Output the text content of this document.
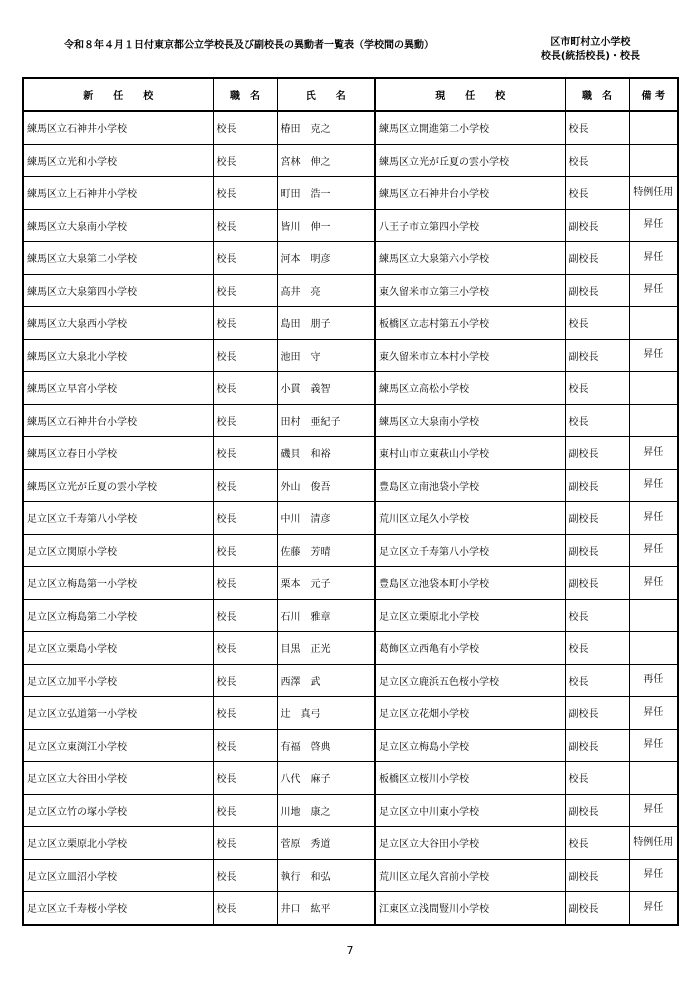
令和８年４月１日付東京都公立学校長及び副校長の異動者一覧表（学校間の異動）	区市町村立小学校
校長(統括校長)・校長
新　　任　　校	職　名	氏　　名	現　　任　　校	職　名	備 考
練馬区立石神井小学校	校長	椿田　克之	練馬区立開進第二小学校	校長	
練馬区立光和小学校	校長	宮林　伸之	練馬区立光が丘夏の雲小学校	校長	
練馬区立上石神井小学校	校長	町田　浩一	練馬区立石神井台小学校	校長	特例任用
練馬区立大泉南小学校	校長	皆川　伸一	八王子市立第四小学校	副校長	昇任
練馬区立大泉第二小学校	校長	河本　明彦	練馬区立大泉第六小学校	副校長	昇任
練馬区立大泉第四小学校	校長	高井　亮	東久留米市立第三小学校	副校長	昇任
練馬区立大泉西小学校	校長	島田　朋子	板橋区立志村第五小学校	校長	
練馬区立大泉北小学校	校長	池田　守	東久留米市立本村小学校	副校長	昇任
練馬区立早宮小学校	校長	小貫　義智	練馬区立高松小学校	校長	
練馬区立石神井台小学校	校長	田村　亜紀子	練馬区立大泉南小学校	校長	
練馬区立春日小学校	校長	磯貝　和裕	東村山市立東萩山小学校	副校長	昇任
練馬区立光が丘夏の雲小学校	校長	外山　俊吾	豊島区立南池袋小学校	副校長	昇任
足立区立千寿第八小学校	校長	中川　清彦	荒川区立尾久小学校	副校長	昇任
足立区立関原小学校	校長	佐藤　芳晴	足立区立千寿第八小学校	副校長	昇任
足立区立梅島第一小学校	校長	栗本　元子	豊島区立池袋本町小学校	副校長	昇任
足立区立梅島第二小学校	校長	石川　雅章	足立区立栗原北小学校	校長	
足立区立栗島小学校	校長	目黒　正光	葛飾区立西亀有小学校	校長	
足立区立加平小学校	校長	西澤　武	足立区立鹿浜五色桜小学校	校長	再任
足立区立弘道第一小学校	校長	辻　真弓	足立区立花畑小学校	副校長	昇任
足立区立東渕江小学校	校長	有福　啓典	足立区立梅島小学校	副校長	昇任
足立区立大谷田小学校	校長	八代　麻子	板橋区立桜川小学校	校長	
足立区立竹の塚小学校	校長	川地　康之	足立区立中川東小学校	副校長	昇任
足立区立栗原北小学校	校長	菅原　秀道	足立区立大谷田小学校	校長	特例任用
足立区立皿沼小学校	校長	執行　和弘	荒川区立尾久宮前小学校	副校長	昇任
足立区立千寿桜小学校	校長	井口　紘平	江東区立浅間豎川小学校	副校長	昇任
7
